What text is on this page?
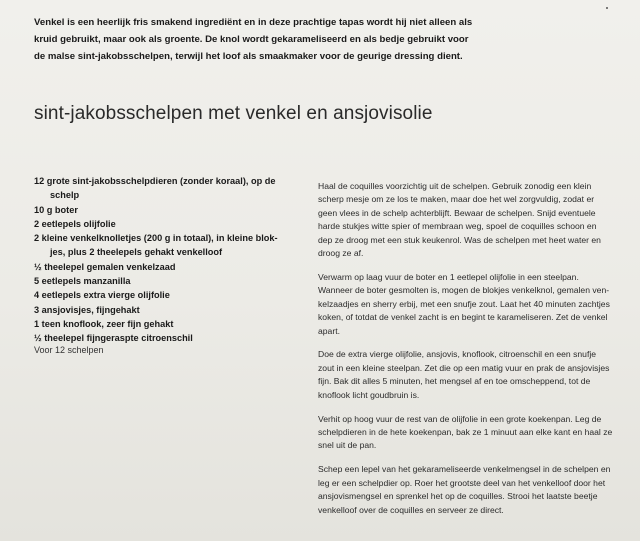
Venkel is een heerlijk fris smakend ingrediënt en in deze prachtige tapas wordt hij niet alleen als
kruid gebruikt, maar ook als groente. De knol wordt gekarameliseerd en als bedje gebruikt voor
de malse sint-jakobsschelpen, terwijl het loof als smaakmaker voor de geurige dressing dient.
sint-jakobsschelpen met venkel en ansjovisolie
12 grote sint-jakobsschelpdieren (zonder koraal), op de
schelp
10 g boter
2 eetlepels olijfolie
2 kleine venkelknolletjes (200 g in totaal), in kleine blok-
jes, plus 2 theelepels gehakt venkelloof
½ theelepel gemalen venkelzaad
5 eetlepels manzanilla
4 eetlepels extra vierge olijfolie
3 ansjovisjes, fijngehakt
1 teen knoflook, zeer fijn gehakt
½ theelepel fijngeraspte citroenschil
Voor 12 schelpen
Haal de coquilles voorzichtig uit de schelpen. Gebruik zonodig een klein
scherp mesje om ze los te maken, maar doe het wel zorgvuldig, zodat er
geen vlees in de schelp achterblijft. Bewaar de schelpen. Snijd eventuele
harde stukjes witte spier of membraan weg, spoel de coquilles schoon en
dep ze droog met een stuk keukenrol. Was de schelpen met heet water en
droog ze af.
Verwarm op laag vuur de boter en 1 eetlepel olijfolie in een steelpan.
Wanneer de boter gesmolten is, mogen de blokjes venkelknol, gemalen ven-
kelzaadjes en sherry erbij, met een snufje zout. Laat het 40 minuten zachtjes
koken, of totdat de venkel zacht is en begint te karameliseren. Zet de venkel
apart.
Doe de extra vierge olijfolie, ansjovis, knoflook, citroenschil en een snufje
zout in een kleine steelpan. Zet die op een matig vuur en prak de ansjovisjes
fijn. Bak dit alles 5 minuten, het mengsel af en toe omscheppend, tot de
knoflook licht goudbruin is.
Verhit op hoog vuur de rest van de olijfolie in een grote koekenpan. Leg de
schelpdieren in de hete koekenpan, bak ze 1 minuut aan elke kant en haal ze
snel uit de pan.
Schep een lepel van het gekarameliseerde venkelmengsel in de schelpen en
leg er een schelpdier op. Roer het grootste deel van het venkelloof door het
ansjovismengsel en sprenkel het op de coquilles. Strooi het laatste beetje
venkelloof over de coquilles en serveer ze direct.
